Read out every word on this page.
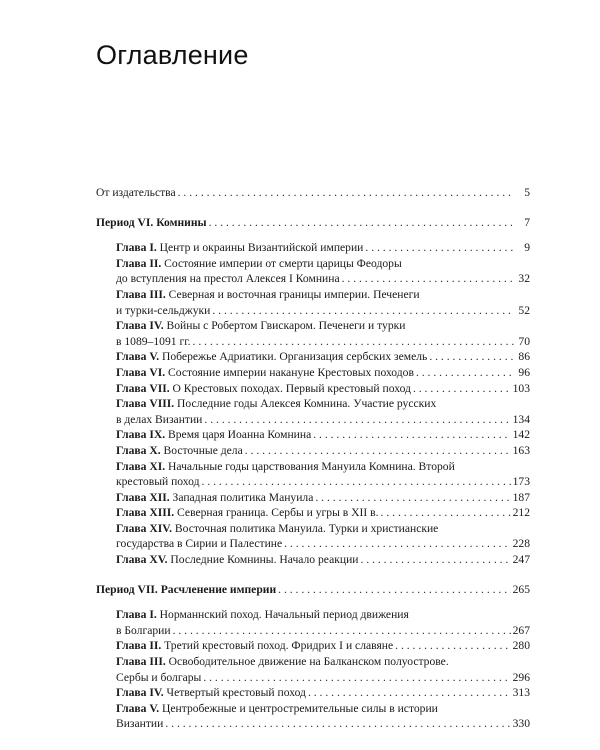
Оглавление
От издательства . . .	5
Период VI. Комнины . . .	7
Глава I. Центр и окраины Византийской империи . . .	9
Глава II. Состояние империи от смерти царицы Феодоры
до вступления на престол Алексея I Комнина . . .	32
Глава III. Северная и восточная границы империи. Печенеги
и турки-сельджуки . . .	52
Глава IV. Войны с Робертом Гвискаром. Печенеги и турки
в 1089–1091 гг. . . .	70
Глава V. Побережье Адриатики. Организация сербских земель . . .	86
Глава VI. Состояние империи накануне Крестовых походов . . .	96
Глава VII. О Крестовых походах. Первый крестовый поход . . .	103
Глава VIII. Последние годы Алексея Комнина. Участие русских
в делах Византии . . .	134
Глава IX. Время царя Иоанна Комнина . . .	142
Глава X. Восточные дела . . .	163
Глава XI. Начальные годы царствования Мануила Комнина. Второй
крестовый поход . . .	173
Глава XII. Западная политика Мануила . . .	187
Глава XIII. Северная граница. Сербы и угры в XII в. . . .	212
Глава XIV. Восточная политика Мануила. Турки и христианские
государства в Сирии и Палестине . . .	228
Глава XV. Последние Комнины. Начало реакции . . .	247
Период VII. Расчленение империи . . .	265
Глава I. Норманнский поход. Начальный период движения
в Болгарии . . .	267
Глава II. Третий крестовый поход. Фридрих I и славяне . . .	280
Глава III. Освободительное движение на Балканском полуострове.
Сербы и болгары . . .	296
Глава IV. Четвертый крестовый поход . . .	313
Глава V. Центробежные и центростремительные силы в истории
Византии . . .	330
